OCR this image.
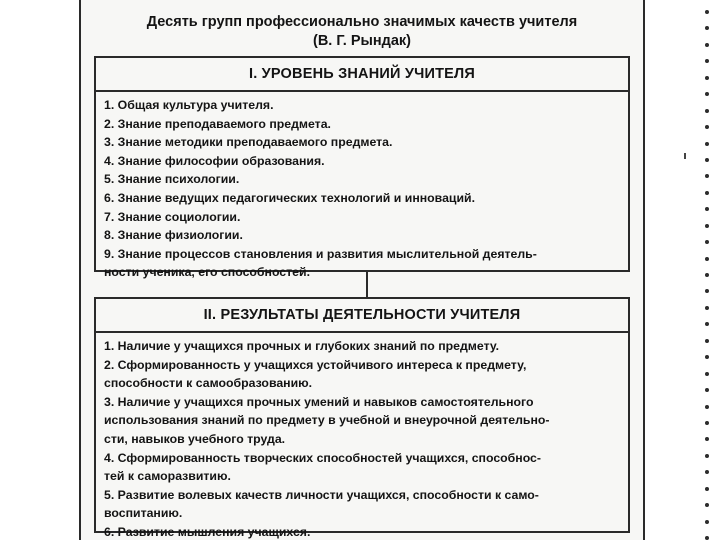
Десять групп профессионально значимых качеств учителя
(В. Г. Рындак)
I. УРОВЕНЬ ЗНАНИЙ УЧИТЕЛЯ
1. Общая культура учителя.
2. Знание преподаваемого предмета.
3. Знание методики преподаваемого предмета.
4. Знание философии образования.
5. Знание психологии.
6. Знание ведущих педагогических технологий и инноваций.
7. Знание социологии.
8. Знание физиологии.
9. Знание процессов становления и развития мыслительной деятель-
ности ученика, его способностей.
II. РЕЗУЛЬТАТЫ ДЕЯТЕЛЬНОСТИ УЧИТЕЛЯ
1. Наличие у учащихся прочных и глубоких знаний по предмету.
2. Сформированность у учащихся устойчивого интереса к предмету,
способности к самообразованию.
3. Наличие у учащихся прочных умений и навыков самостоятельного
использования знаний по предмету в учебной и внеурочной деятельно-
сти, навыков учебного труда.
4. Сформированность творческих способностей учащихся, способнос-
тей к саморазвитию.
5. Развитие волевых качеств личности учащихся, способности к само-
воспитанию.
6. Развитие мышления учащихся.
